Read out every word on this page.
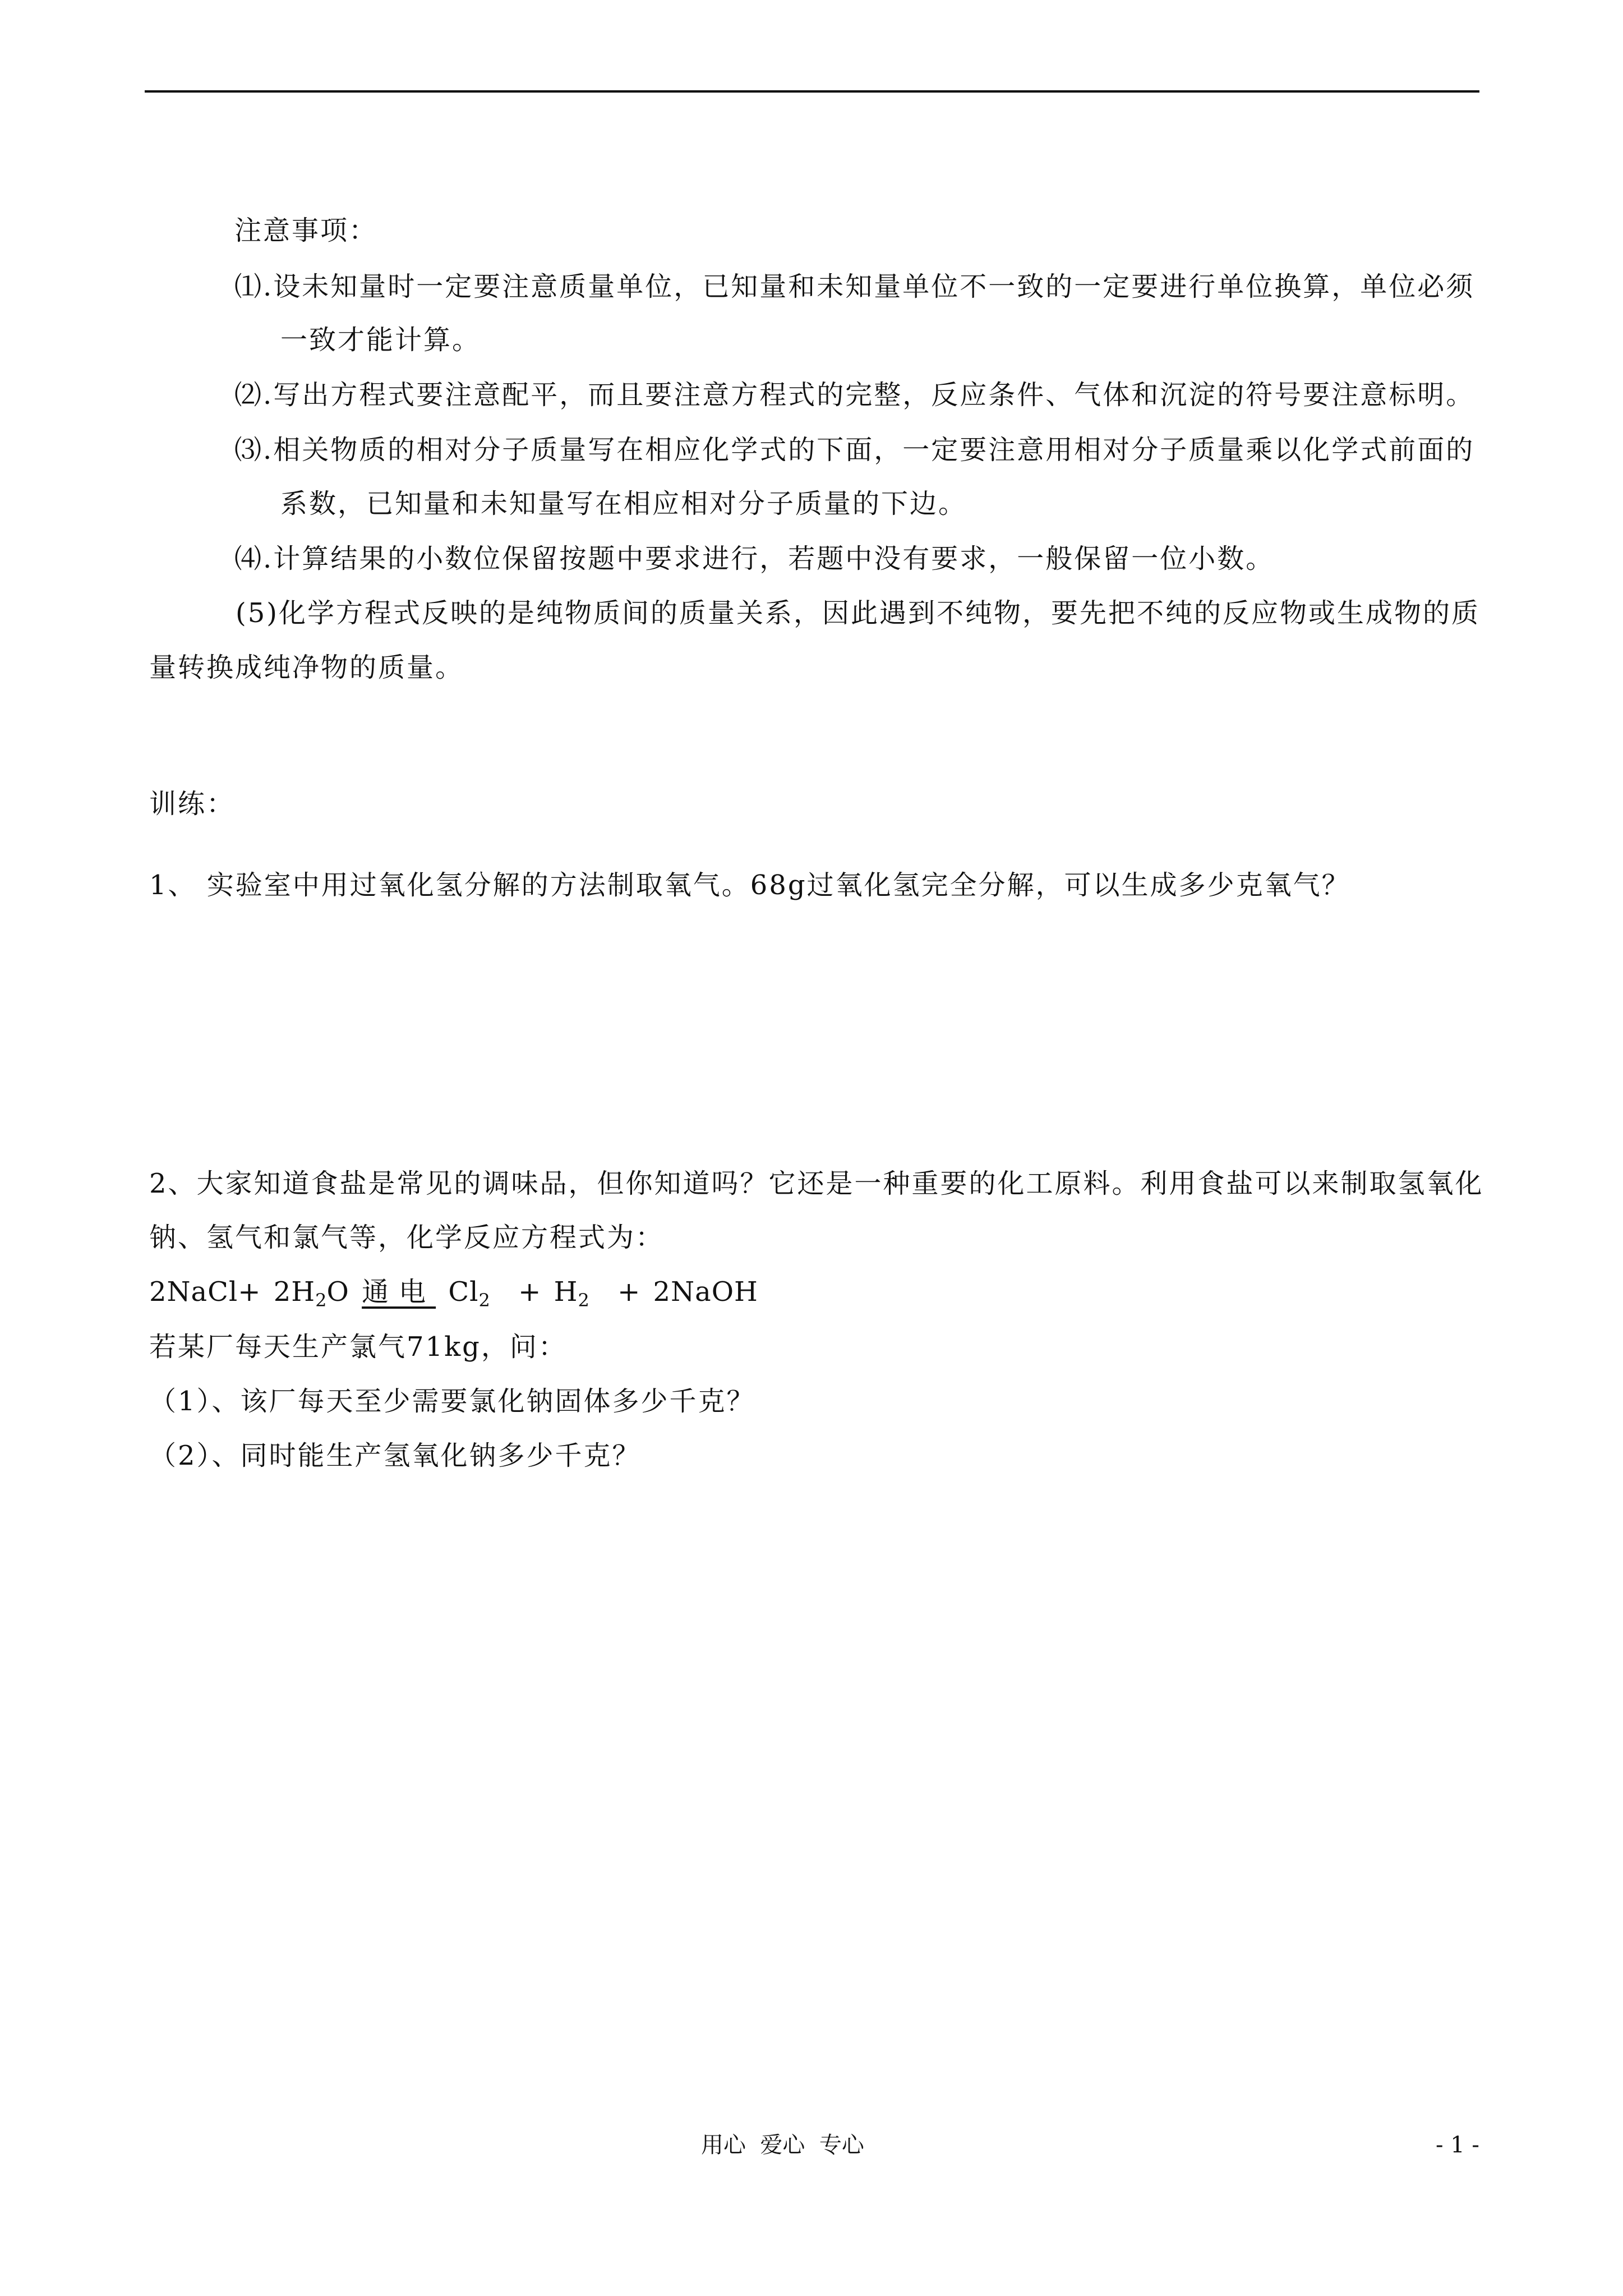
注意事项：
⑴.设未知量时一定要注意质量单位，已知量和未知量单位不一致的一定要进行单位换算，单位必须
一致才能计算。
⑵.写出方程式要注意配平，而且要注意方程式的完整，反应条件、气体和沉淀的符号要注意标明。
⑶.相关物质的相对分子质量写在相应化学式的下面，一定要注意用相对分子质量乘以化学式前面的
系数，已知量和未知量写在相应相对分子质量的下边。
⑷.计算结果的小数位保留按题中要求进行，若题中没有要求，一般保留一位小数。
(5)化学方程式反映的是纯物质间的质量关系，因此遇到不纯物，要先把不纯的反应物或生成物的质
量转换成纯净物的质量。
训练：
1、 实验室中用过氧化氢分解的方法制取氧气。68g过氧化氢完全分解，可以生成多少克氧气？
2、大家知道食盐是常见的调味品，但你知道吗？它还是一种重要的化工原料。利用食盐可以来制取氢氧化
钠、氢气和氯气等，化学反应方程式为：
2NaCl+ $2H_2O$ 通电 $Cl_2 + H_2$ + 2NaOH
若某厂每天生产氯气71kg，问：
（1）、该厂每天至少需要氯化钠固体多少千克？
（2）、同时能生产氢氧化钠多少千克？
用心  爱心  专心	- 1 -
